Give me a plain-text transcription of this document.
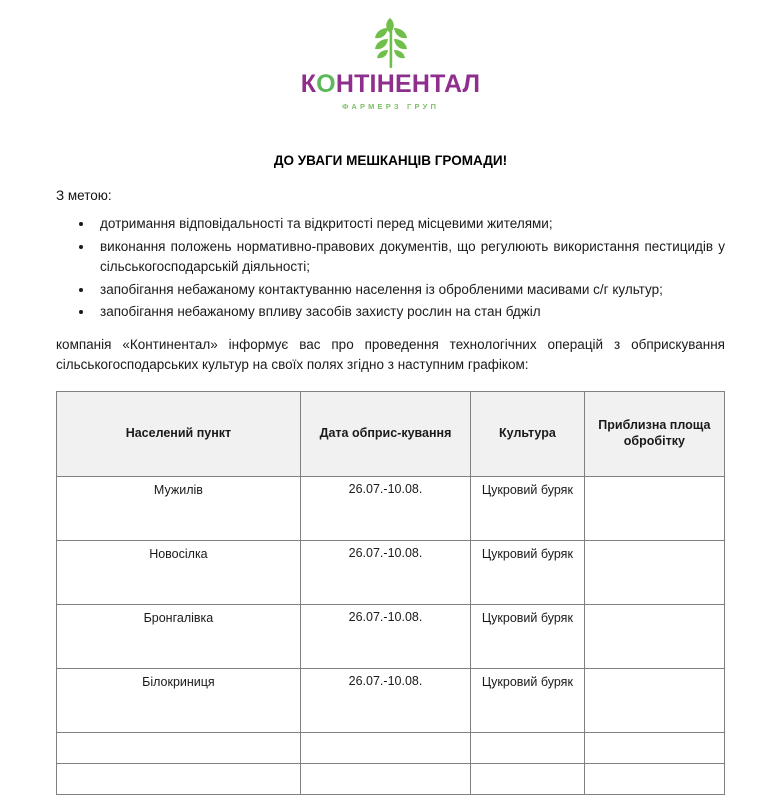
КОНТІНЕНТАЛ
ФАРМЕРЗ ГРУП
ДО УВАГИ МЕШКАНЦІВ ГРОМАДИ!
З метою:
• дотримання відповідальності та відкритості перед місцевими жителями;
• виконання положень нормативно-правових документів, що регулюють використання пестицидів у сільськогосподарській діяльності;
• запобігання небажаному контактуванню населення із обробленими масивами с/г культур;
• запобігання небажаному впливу засобів захисту рослин на стан бджіл
компанія «Континентал» інформує вас про проведення технологічних операцій з обприскування сільськогосподарських культур на своїх полях згідно з наступним графіком:
Населений пункт	Дата обприс-кування	Культура	Приблизна площа обробітку
Мужилів	26.07.-10.08.	Цукровий буряк	
Новосілка	26.07.-10.08.	Цукровий буряк	
Бронгалівка	26.07.-10.08.	Цукровий буряк	
Білокриниця	26.07.-10.08.	Цукровий буряк	
